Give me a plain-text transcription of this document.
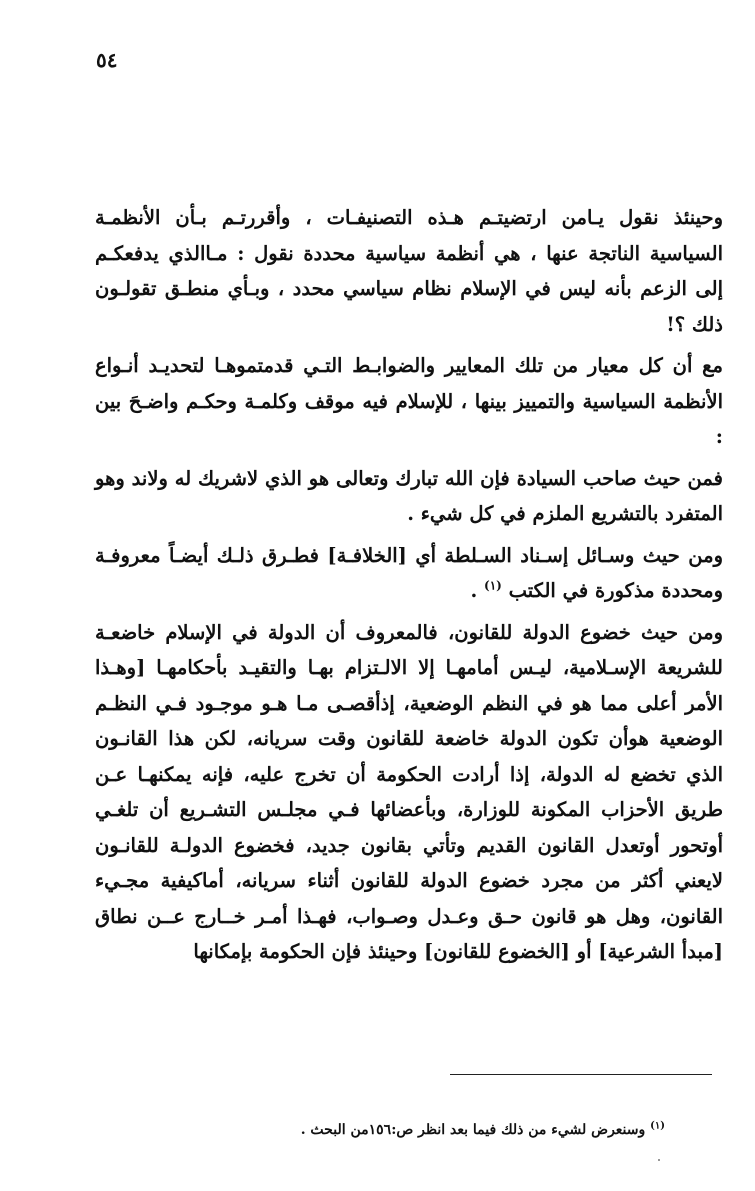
٥٤

وحينئذ نقول يـامن ارتضيتـم هـذه التصنيفـات ، وأقررتـم بـأن الأنظمـة السياسية الناتجة عنها ، هي أنظمة سياسية محددة نقول : مـاالذي يدفعكـم إلى الزعم بأنه ليس في الإسلام نظام سياسي محدد ، وبـأي منطـق تقولـون ذلك ؟!

مع أن كل معيار من تلك المعايير والضوابـط التـي قدمتموهـا لتحديـد أنـواع الأنظمة السياسية والتمييز بينها ، للإسلام فيه موقف وكلمـة وحكـم واضـحَ بين :

فمن حيث صاحب السيادة فإن الله تبارك وتعالى هو الذي لاشريك له ولاند وهو المتفرد بالتشريع الملزم في كل شيء .

ومن حيث وسـائل إسـناد السـلطة أي [الخلافـة] فطـرق ذلـك أيضـاً معروفـة ومحددة مذكورة في الكتب $^{(١)}$ .

ومن حيث خضوع الدولة للقانون، فالمعروف أن الدولة في الإسلام خاضعـة للشريعة الإسـلامية، ليـس أمامهـا إلا الالـتزام بهـا والتقيـد بأحكامهـا [وهـذا الأمر أعلى مما هو في النظم الوضعية، إذأقصـى مـا هـو موجـود فـي النظـم الوضعية هوأن تكون الدولة خاضعة للقانون وقت سريانه، لكن هذا القانـون الذي تخضع له الدولة، إذا أرادت الحكومة أن تخرج عليه، فإنه يمكنهـا عـن طريق الأحزاب المكونة للوزارة، وبأعضائها فـي مجلـس التشـريع أن تلغـي أوتحور أوتعدل القانون القديم وتأتي بقانون جديد، فخضوع الدولـة للقانـون لايعني أكثر من مجرد خضوع الدولة للقانون أثناء سريانه، أماكيفية مجـيء القانون، وهل هو قانون حـق وعـدل وصـواب، فهـذا أمـر خــارج عــن نطاق [مبدأ الشرعية] أو [الخضوع للقانون] وحينئذ فإن الحكومة بإمكانها

$^{(١)}$ وسنعرض لشيء من ذلك فيما بعد انظر ص:١٥٦من البحث .
